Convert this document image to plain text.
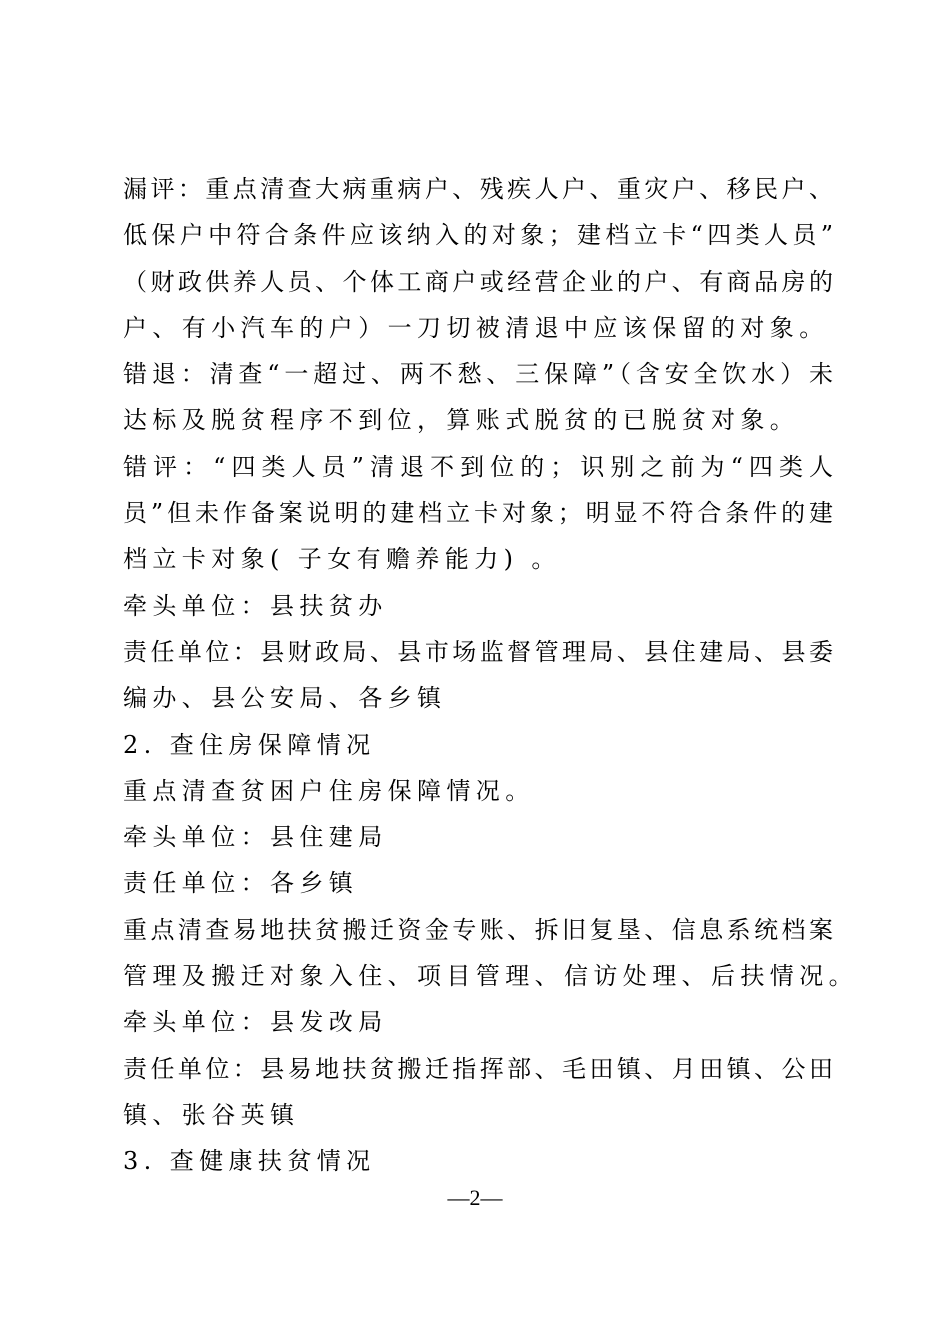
漏评：重点清查大病重病户、残疾人户、重灾户、移民户、
低保户中符合条件应该纳入的对象；建档立卡“四类人员”
（财政供养人员、个体工商户或经营企业的户、有商品房的
户、有小汽车的户）一刀切被清退中应该保留的对象。
错退：清查“一超过、两不愁、三保障”（含安全饮水）未
达标及脱贫程序不到位，算账式脱贫的已脱贫对象。
错评：“四类人员”清退不到位的；识别之前为“四类人
员”但未作备案说明的建档立卡对象；明显不符合条件的建
档立卡对象( 子女有赡养能力) 。
牵头单位：县扶贫办
责任单位：县财政局、县市场监督管理局、县住建局、县委
编办、县公安局、各乡镇
2. 查住房保障情况
重点清查贫困户住房保障情况。
牵头单位：县住建局
责任单位：各乡镇
重点清查易地扶贫搬迁资金专账、拆旧复垦、信息系统档案
管理及搬迁对象入住、项目管理、信访处理、后扶情况。
牵头单位：县发改局
责任单位：县易地扶贫搬迁指挥部、毛田镇、月田镇、公田
镇、张谷英镇
3. 查健康扶贫情况
—2—
